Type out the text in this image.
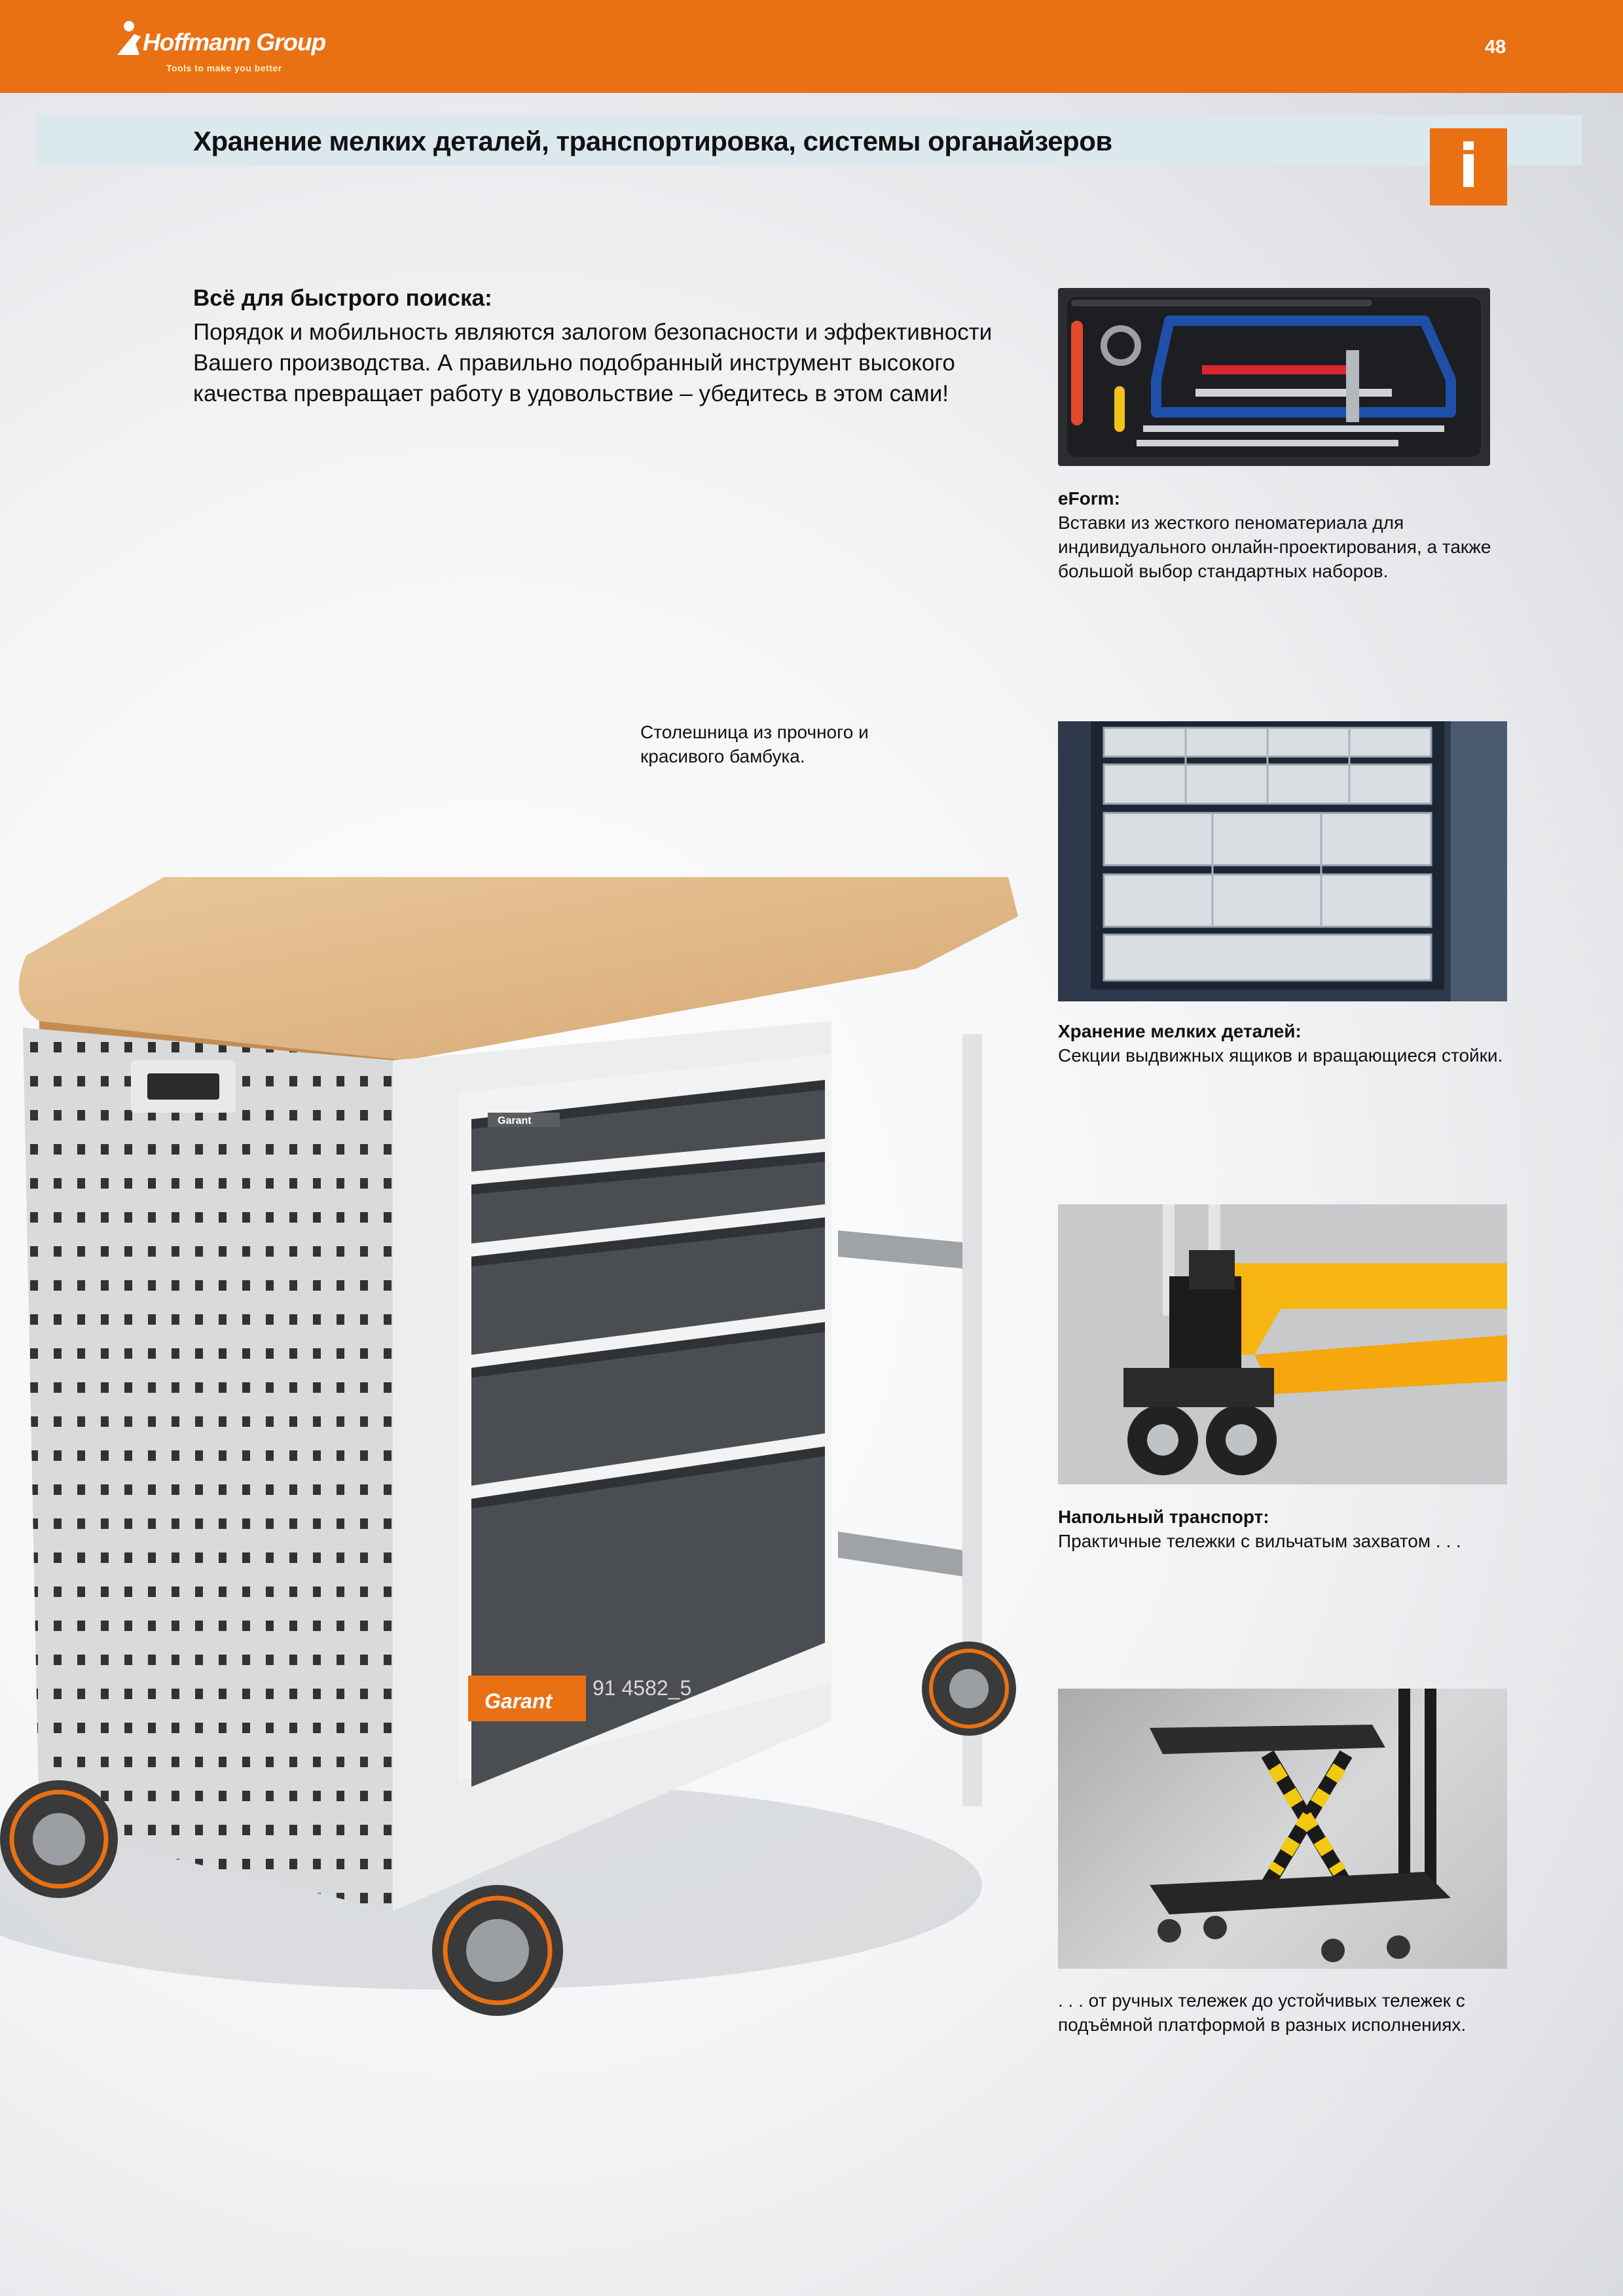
Hoffmann Group
Tools to make you better
48
Хранение мелких деталей, транспортировка, системы органайзеров	i
Всё для быстрого поиска:
Порядок и мобильность являются залогом безопасности и эффективности Вашего производства. А правильно подобранный инструмент высокого качества превращает работу в удовольствие – убедитесь в этом сами!
eForm:
Вставки из жесткого пеноматериала для индивидуального онлайн-проектирования, а также большой выбор стандартных наборов.
Столешница из прочного и красивого бамбука.
Хранение мелких деталей:
Секции выдвижных ящиков и вращающиеся стойки.
Напольный транспорт:
Практичные тележки с вильчатым захватом . . .
. . . от ручных тележек до устойчивых тележек с подъёмной платформой в разных исполнениях.
Garant
Garant
91 4582_5
